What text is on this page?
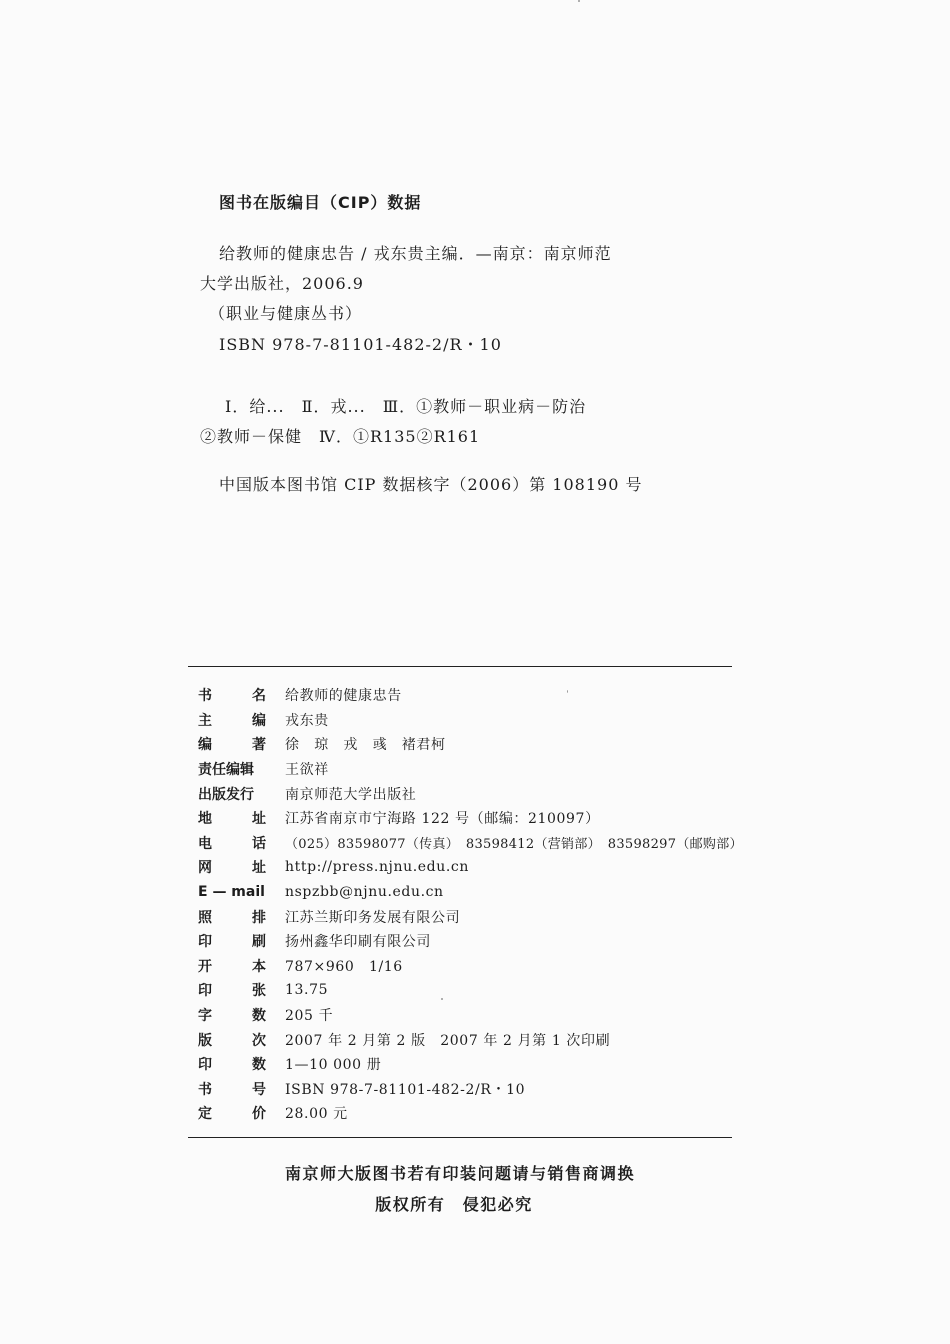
图书在版编目（CIP）数据
给教师的健康忠告 / 戎东贵主编．—南京：南京师范
大学出版社，2006.9
（职业与健康丛书）
ISBN 978-7-81101-482-2/R・10
Ⅰ．给...　Ⅱ．戎...　Ⅲ．①教师－职业病－防治
②教师－保健　Ⅳ．①R135②R161
中国版本图书馆 CIP 数据核字（2006）第 108190 号
书	名 给教师的健康忠告
主	编 戎东贵
编	著 徐　琼　戎　彧　褚君柯
责任编辑 王欲祥
出版发行 南京师范大学出版社
地	址 江苏省南京市宁海路 122 号（邮编：210097）
电	话 （025）83598077（传真）　83598412（营销部）　83598297（邮购部）
网	址 http://press.njnu.edu.cn
E — mail nspzbb@njnu.edu.cn
照	排 江苏兰斯印务发展有限公司
印	刷 扬州鑫华印刷有限公司
开	本 787×960　1/16
印	张 13.75
字	数 205 千
版	次 2007 年 2 月第 2 版　2007 年 2 月第 1 次印刷
印	数 1—10 000 册
书	号 ISBN 978-7-81101-482-2/R・10
定	价 28.00 元
南京师大版图书若有印装问题请与销售商调换
版权所有　侵犯必究
